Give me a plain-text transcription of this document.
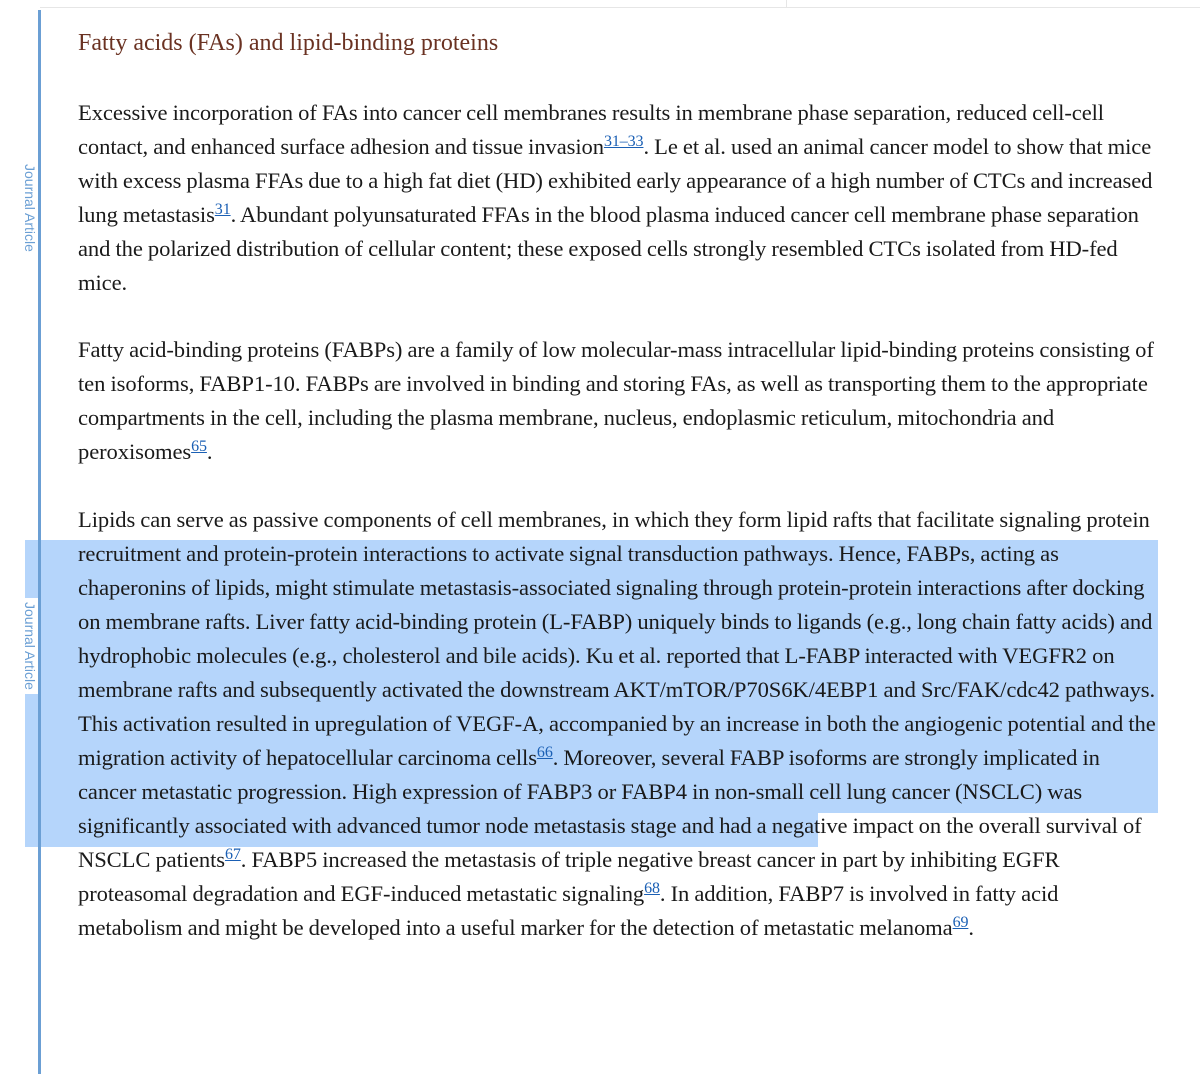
Journal Article
Journal Article
Fatty acids (FAs) and lipid-binding proteins

Excessive incorporation of FAs into cancer cell membranes results in membrane phase separation, reduced cell-cell contact, and enhanced surface adhesion and tissue invasion$^{31-33}$. Le et al. used an animal cancer model to show that mice with excess plasma FFAs due to a high fat diet (HD) exhibited early appearance of a high number of CTCs and increased lung metastasis$^{31}$. Abundant polyunsaturated FFAs in the blood plasma induced cancer cell membrane phase separation and the polarized distribution of cellular content; these exposed cells strongly resembled CTCs isolated from HD-fed mice.

Fatty acid-binding proteins (FABPs) are a family of low molecular-mass intracellular lipid-binding proteins consisting of ten isoforms, FABP1-10. FABPs are involved in binding and storing FAs, as well as transporting them to the appropriate compartments in the cell, including the plasma membrane, nucleus, endoplasmic reticulum, mitochondria and peroxisomes$^{65}$.

Lipids can serve as passive components of cell membranes, in which they form lipid rafts that facilitate signaling protein recruitment and protein-protein interactions to activate signal transduction pathways. Hence, FABPs, acting as chaperonins of lipids, might stimulate metastasis-associated signaling through protein-protein interactions after docking on membrane rafts. Liver fatty acid-binding protein (L-FABP) uniquely binds to ligands (e.g., long chain fatty acids) and hydrophobic molecules (e.g., cholesterol and bile acids). Ku et al. reported that L-FABP interacted with VEGFR2 on membrane rafts and subsequently activated the downstream AKT/mTOR/P70S6K/4EBP1 and Src/FAK/cdc42 pathways. This activation resulted in upregulation of VEGF-A, accompanied by an increase in both the angiogenic potential and the migration activity of hepatocellular carcinoma cells$^{66}$. Moreover, several FABP isoforms are strongly implicated in cancer metastatic progression. High expression of FABP3 or FABP4 in non-small cell lung cancer (NSCLC) was significantly associated with advanced tumor node metastasis stage and had a negative impact on the overall survival of NSCLC patients$^{67}$. FABP5 increased the metastasis of triple negative breast cancer in part by inhibiting EGFR proteasomal degradation and EGF-induced metastatic signaling$^{68}$. In addition, FABP7 is involved in fatty acid metabolism and might be developed into a useful marker for the detection of metastatic melanoma$^{69}$.
